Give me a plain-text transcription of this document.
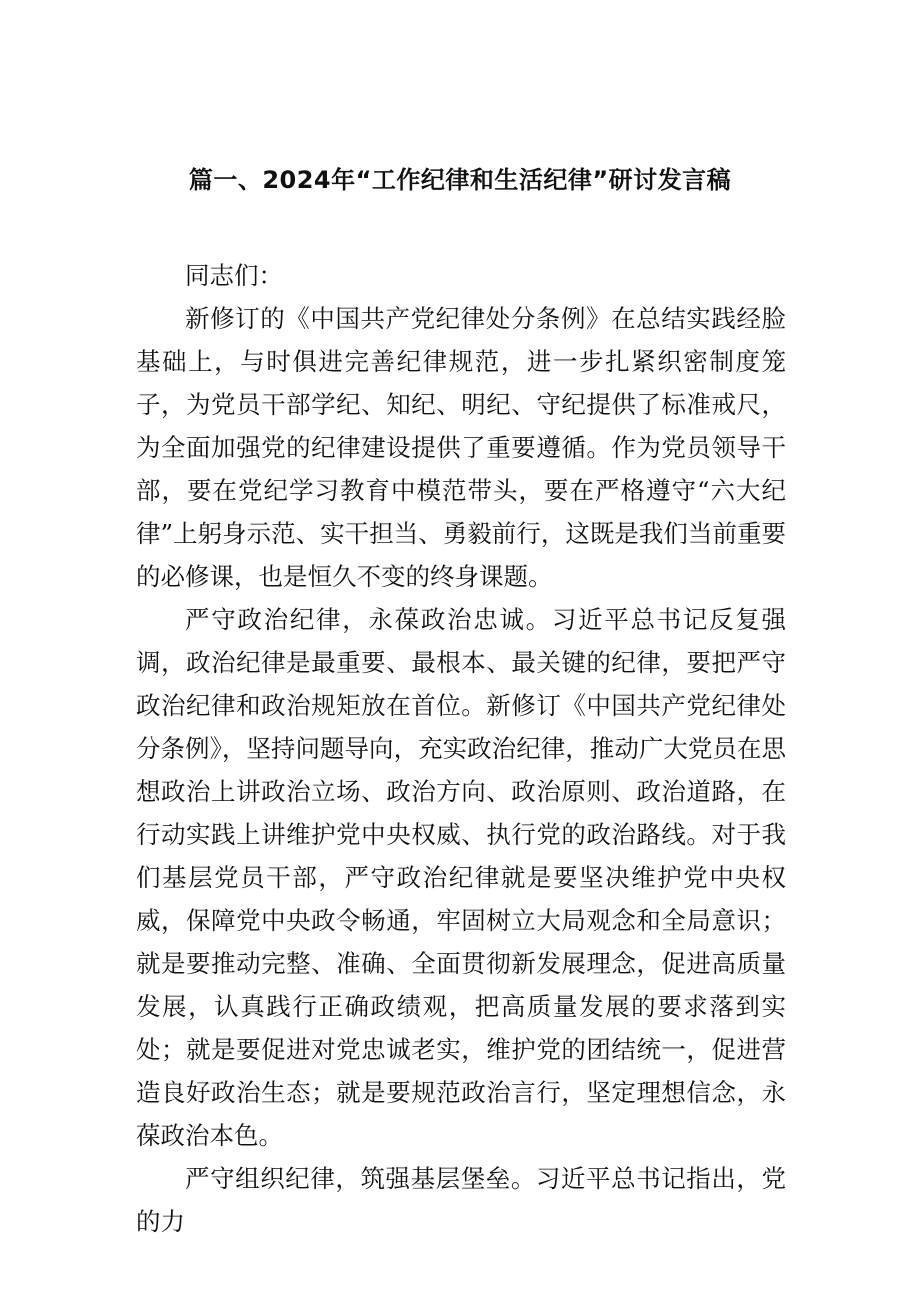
篇一、2024年“工作纪律和生活纪律”研讨发言稿

同志们：

新修订的《中国共产党纪律处分条例》在总结实践经脸基础上，与时俱进完善纪律规范，进一步扎紧织密制度笼子，为党员干部学纪、知纪、明纪、守纪提供了标准戒尺，为全面加强党的纪律建设提供了重要遵循。作为党员领导干部，要在党纪学习教育中模范带头，要在严格遵守“六大纪律”上躬身示范、实干担当、勇毅前行，这既是我们当前重要的必修课，也是恒久不变的终身课题。

严守政治纪律，永葆政治忠诚。习近平总书记反复强调，政治纪律是最重要、最根本、最关键的纪律，要把严守政治纪律和政治规矩放在首位。新修订《中国共产党纪律处分条例》，坚持问题导向，充实政治纪律，推动广大党员在思想政治上讲政治立场、政治方向、政治原则、政治道路，在行动实践上讲维护党中央权威、执行党的政治路线。对于我们基层党员干部，严守政治纪律就是要坚决维护党中央权威，保障党中央政令畅通，牢固树立大局观念和全局意识；就是要推动完整、准确、全面贯彻新发展理念，促进高质量发展，认真践行正确政绩观，把高质量发展的要求落到实处；就是要促进对党忠诚老实，维护党的团结统一，促进营造良好政治生态；就是要规范政治言行，坚定理想信念，永葆政治本色。

严守组织纪律，筑强基层堡垒。习近平总书记指出，党的力
